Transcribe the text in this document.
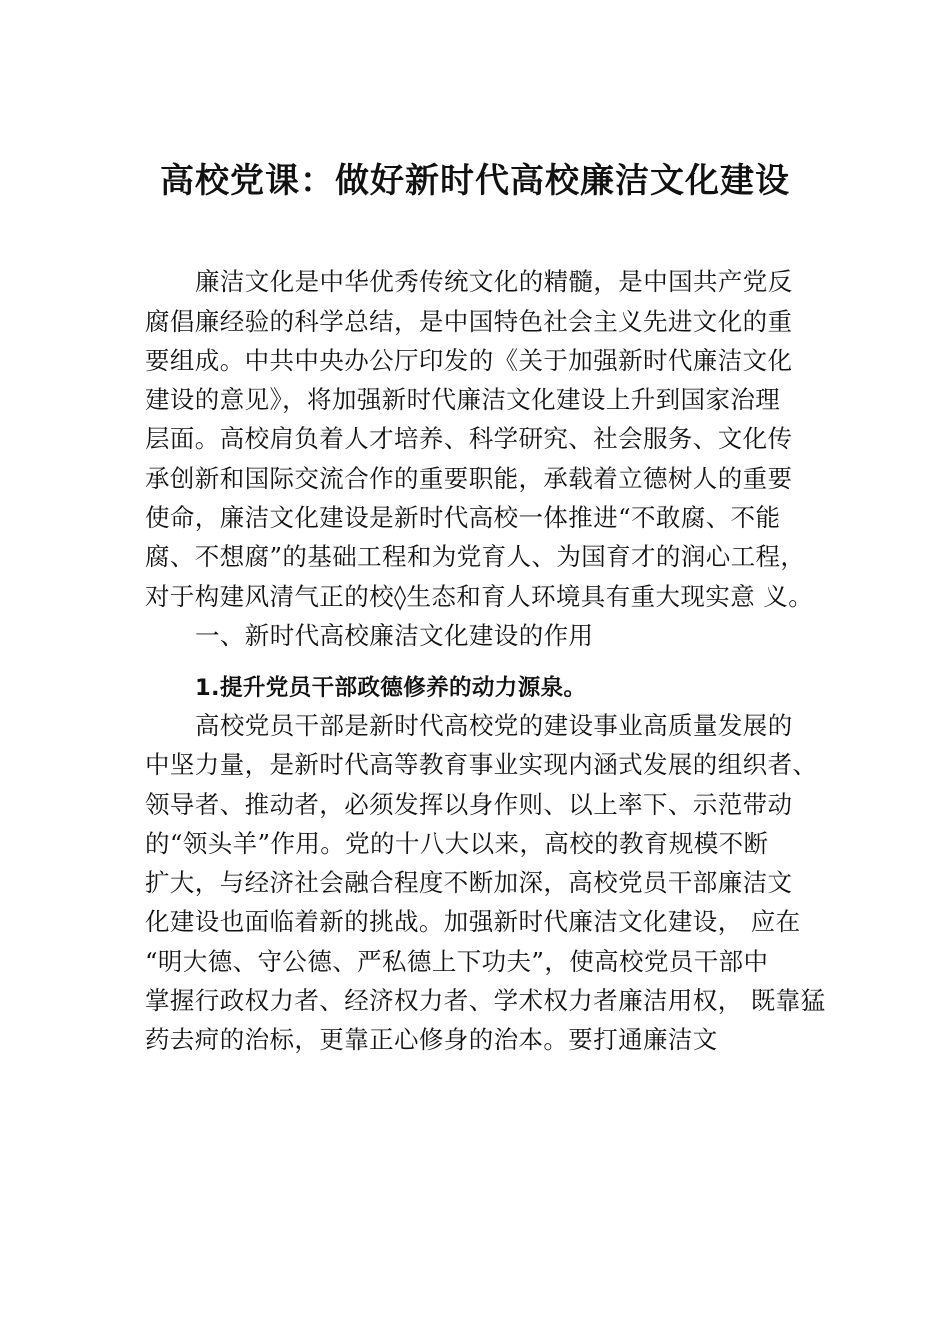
高校党课：做好新时代高校廉洁文化建设
廉洁文化是中华优秀传统文化的精髓，是中国共产党反
腐倡廉经验的科学总结，是中国特色社会主义先进文化的重
要组成。中共中央办公厅印发的《关于加强新时代廉洁文化
建设的意见》，将加强新时代廉洁文化建设上升到国家治理
层面。高校肩负着人才培养、科学研究、社会服务、文化传
承创新和国际交流合作的重要职能，承载着立德树人的重要
使命，廉洁文化建设是新时代高校一体推进“不敢腐、不能
腐、不想腐”的基础工程和为党育人、为国育才的润心工程，
对于构建风清气正的校◊生态和育人环境具有重大现实意 义。
一、新时代高校廉洁文化建设的作用
1.提升党员干部政德修养的动力源泉。
高校党员干部是新时代高校党的建设事业高质量发展的
中坚力量，是新时代高等教育事业实现内涵式发展的组织者、
领导者、推动者，必须发挥以身作则、以上率下、示范带动
的“领头羊”作用。党的十八大以来，高校的教育规模不断
扩大，与经济社会融合程度不断加深，高校党员干部廉洁文
化建设也面临着新的挑战。加强新时代廉洁文化建设， 应在
“明大德、守公德、严私德上下功夫”，使高校党员干部中
掌握行政权力者、经济权力者、学术权力者廉洁用权， 既靠猛
药去疴的治标，更靠正心修身的治本。要打通廉洁文
